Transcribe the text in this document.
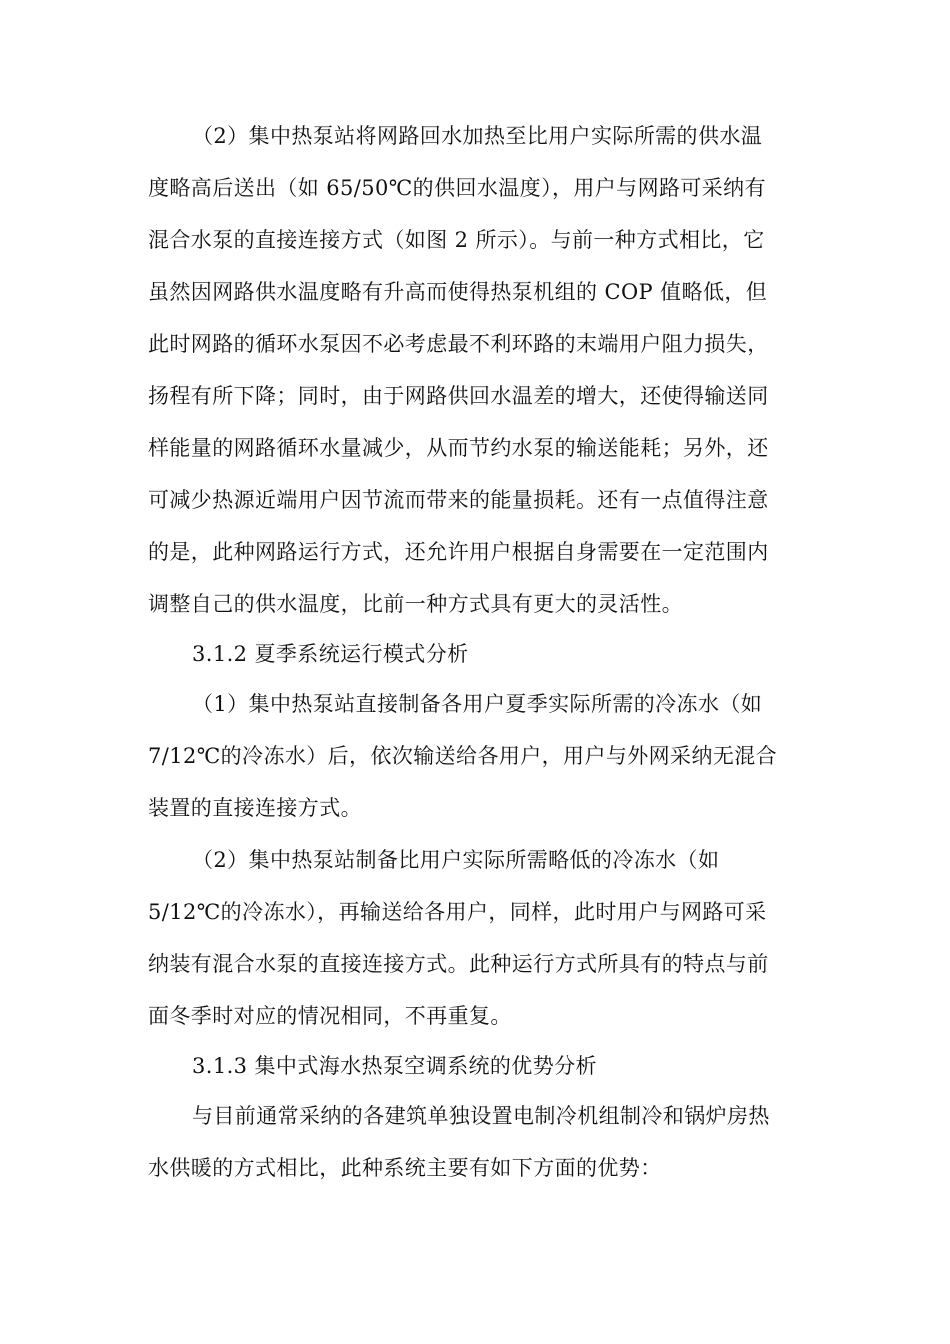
（2）集中热泵站将网路回水加热至比用户实际所需的供水温
度略高后送出（如 65/50℃的供回水温度），用户与网路可采纳有
混合水泵的直接连接方式（如图 2 所示）。与前一种方式相比，它
虽然因网路供水温度略有升高而使得热泵机组的 COP 值略低，但
此时网路的循环水泵因不必考虑最不利环路的末端用户阻力损失，
扬程有所下降；同时，由于网路供回水温差的增大，还使得输送同
样能量的网路循环水量减少，从而节约水泵的输送能耗；另外，还
可减少热源近端用户因节流而带来的能量损耗。还有一点值得注意
的是，此种网路运行方式，还允许用户根据自身需要在一定范围内
调整自己的供水温度，比前一种方式具有更大的灵活性。
3.1.2 夏季系统运行模式分析
（1）集中热泵站直接制备各用户夏季实际所需的冷冻水（如
7/12℃的冷冻水）后，依次输送给各用户，用户与外网采纳无混合
装置的直接连接方式。
（2）集中热泵站制备比用户实际所需略低的冷冻水（如
5/12℃的冷冻水），再输送给各用户，同样，此时用户与网路可采
纳装有混合水泵的直接连接方式。此种运行方式所具有的特点与前
面冬季时对应的情况相同，不再重复。
3.1.3 集中式海水热泵空调系统的优势分析
与目前通常采纳的各建筑单独设置电制冷机组制冷和锅炉房热
水供暖的方式相比，此种系统主要有如下方面的优势：
